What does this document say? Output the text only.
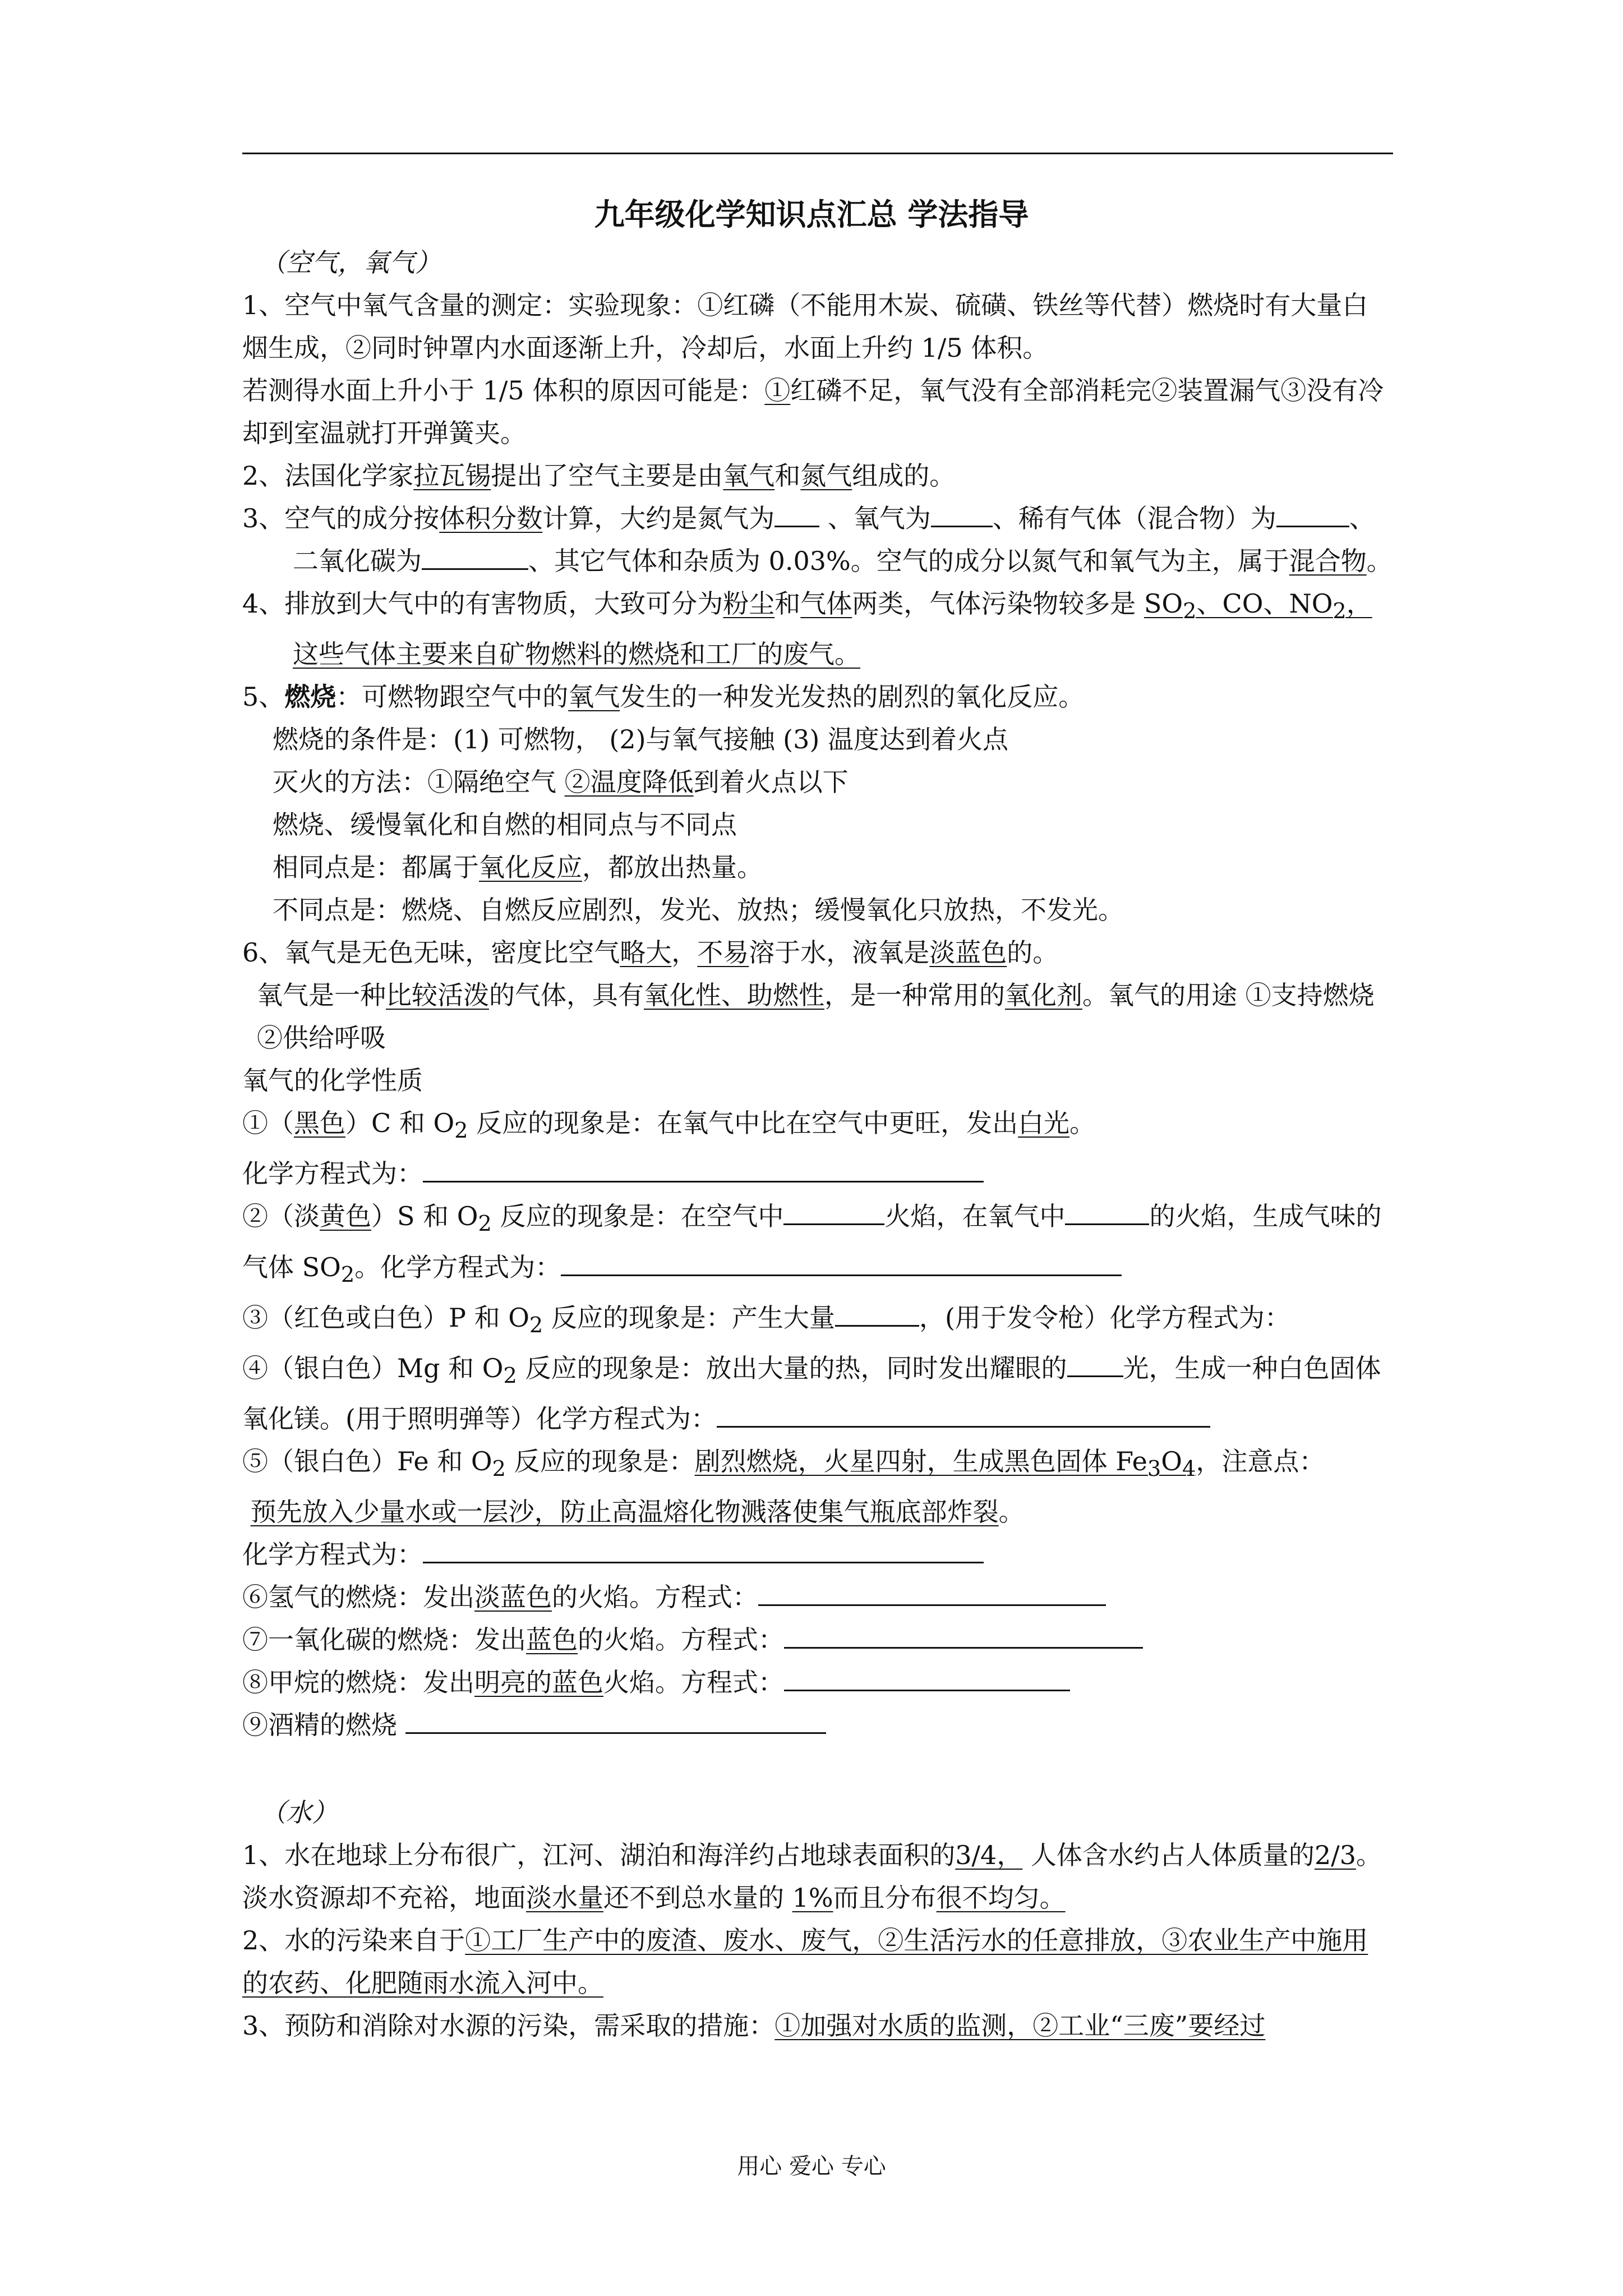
九年级化学知识点汇总 学法指导

（空气，氧气）

1、空气中氧气含量的测定：实验现象：①红磷（不能用木炭、硫磺、铁丝等代替）燃烧时有大量白烟生成，②同时钟罩内水面逐渐上升，冷却后，水面上升约 1/5 体积。
若测得水面上升小于 1/5 体积的原因可能是：①红磷不足，氧气没有全部消耗完②装置漏气③没有冷却到室温就打开弹簧夹。

2、法国化学家拉瓦锡提出了空气主要是由氧气和氮气组成的。

3、空气的成分按体积分数计算，大约是氮气为 、氧气为 、稀有气体（混合物）为	、二氧化碳为	、其它气体和杂质为 0.03%。空气的成分以氮气和氧气为主，属于混合物。

4、排放到大气中的有害物质，大致可分为粉尘和气体两类，气体污染物较多是 $SO_2$、CO、$NO_2$，这些气体主要来自矿物燃料的燃烧和工厂的废气。

5、燃烧：可燃物跟空气中的氧气发生的一种发光发热的剧烈的氧化反应。

燃烧的条件是：(1) 可燃物， (2)与氧气接触 (3) 温度达到着火点

灭火的方法：①隔绝空气 ②温度降低到着火点以下

燃烧、缓慢氧化和自燃的相同点与不同点

相同点是：都属于氧化反应，都放出热量。

不同点是：燃烧、自燃反应剧烈，发光、放热；缓慢氧化只放热，不发光。

6、氧气是无色无味，密度比空气略大，不易溶于水，液氧是淡蓝色的。

氧气是一种比较活泼的气体，具有氧化性、助燃性，是一种常用的氧化剂。氧气的用途 ①支持燃烧 ②供给呼吸

氧气的化学性质

①（黑色）C 和 $O_2$ 反应的现象是：在氧气中比在空气中更旺，发出白光。

化学方程式为：

②（淡黄色）S 和 $O_2$ 反应的现象是：在空气中	火焰，在氧气中	的火焰，生成气味的气体 $SO_2$。化学方程式为：

③（红色或白色）P 和 $O_2$ 反应的现象是：产生大量	，(用于发令枪）化学方程式为：

④（银白色）Mg 和 $O_2$ 反应的现象是：放出大量的热，同时发出耀眼的 光，生成一种白色固体氧化镁。(用于照明弹等）化学方程式为：

⑤（银白色）Fe 和 $O_2$ 反应的现象是：剧烈燃烧，火星四射，生成黑色固体 $Fe_3O_4$，注意点：
预先放入少量水或一层沙，防止高温熔化物溅落使集气瓶底部炸裂。

化学方程式为：

⑥氢气的燃烧：发出淡蓝色的火焰。方程式：

⑦一氧化碳的燃烧：发出蓝色的火焰。方程式：

⑧甲烷的燃烧：发出明亮的蓝色火焰。方程式：

⑨酒精的燃烧

（水）

1、水在地球上分布很广，江河、湖泊和海洋约占地球表面积的3/4， 人体含水约占人体质量的2/3。淡水资源却不充裕，地面淡水量还不到总水量的 1%而且分布很不均匀。

2、水的污染来自于①工厂生产中的废渣、废水、废气，②生活污水的任意排放，③农业生产中施用的农药、化肥随雨水流入河中。

3、预防和消除对水源的污染，需采取的措施：①加强对水质的监测，②工业“三废”要经过

用心 爱心 专心
